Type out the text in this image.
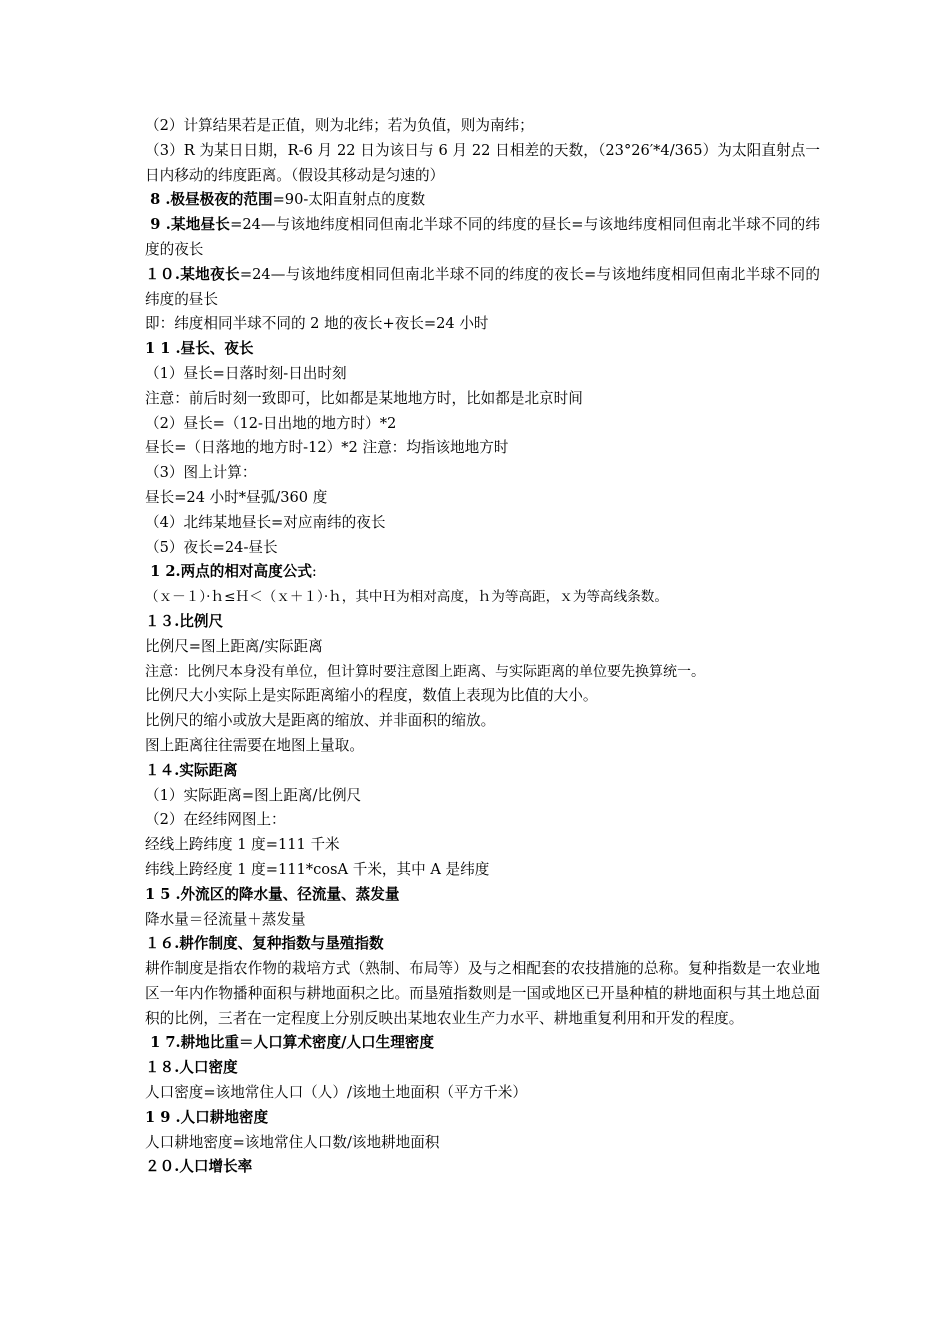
（2）计算结果若是正值，则为北纬；若为负值，则为南纬；

（3）R 为某日日期，R-6 月 22 日为该日与 6 月 22 日相差的天数，（23°26′*4/365）为太阳直射点一日内移动的纬度距离。（假设其移动是匀速的）

8 .极昼极夜的范围=90-太阳直射点的度数

9 .某地昼长=24—与该地纬度相同但南北半球不同的纬度的昼长=与该地纬度相同但南北半球不同的纬度的夜长

１０.某地夜长=24—与该地纬度相同但南北半球不同的纬度的夜长=与该地纬度相同但南北半球不同的纬度的昼长

即：纬度相同半球不同的 2 地的夜长+夜长=24 小时

1 1 .昼长、夜长

（1）昼长=日落时刻-日出时刻

注意：前后时刻一致即可，比如都是某地地方时，比如都是北京时间

（2）昼长=（12-日出地的地方时）*2

昼长=（日落地的地方时-12）*2 注意：均指该地地方时

（3）图上计算：

昼长=24 小时*昼弧/360 度

（4）北纬某地昼长=对应南纬的夜长

（5）夜长=24-昼长

1 2.两点的相对高度公式:

（ｘ－１）·ｈ≤Ｈ＜（ｘ＋１）·ｈ，其中Ｈ为相对高度，ｈ为等高距，ｘ为等高线条数。

１３.比例尺

比例尺=图上距离/实际距离

注意：比例尺本身没有单位，但计算时要注意图上距离、与实际距离的单位要先换算统一。

比例尺大小实际上是实际距离缩小的程度，数值上表现为比值的大小。

比例尺的缩小或放大是距离的缩放、并非面积的缩放。

图上距离往往需要在地图上量取。

１４.实际距离

（1）实际距离=图上距离/比例尺

（2）在经纬网图上：

经线上跨纬度 1 度=111 千米

纬线上跨经度 1 度=111*cosA 千米，其中 A 是纬度

1 5 .外流区的降水量、径流量、蒸发量

降水量＝径流量＋蒸发量

１６.耕作制度、复种指数与垦殖指数

耕作制度是指农作物的栽培方式（熟制、布局等）及与之相配套的农技措施的总称。复种指数是一农业地区一年内作物播种面积与耕地面积之比。而垦殖指数则是一国或地区已开垦种植的耕地面积与其土地总面积的比例，三者在一定程度上分别反映出某地农业生产力水平、耕地重复利用和开发的程度。

1 7.耕地比重＝人口算术密度/人口生理密度

１８.人口密度

人口密度=该地常住人口（人）/该地土地面积（平方千米）

1 9 .人口耕地密度

人口耕地密度=该地常住人口数/该地耕地面积

２０.人口增长率
